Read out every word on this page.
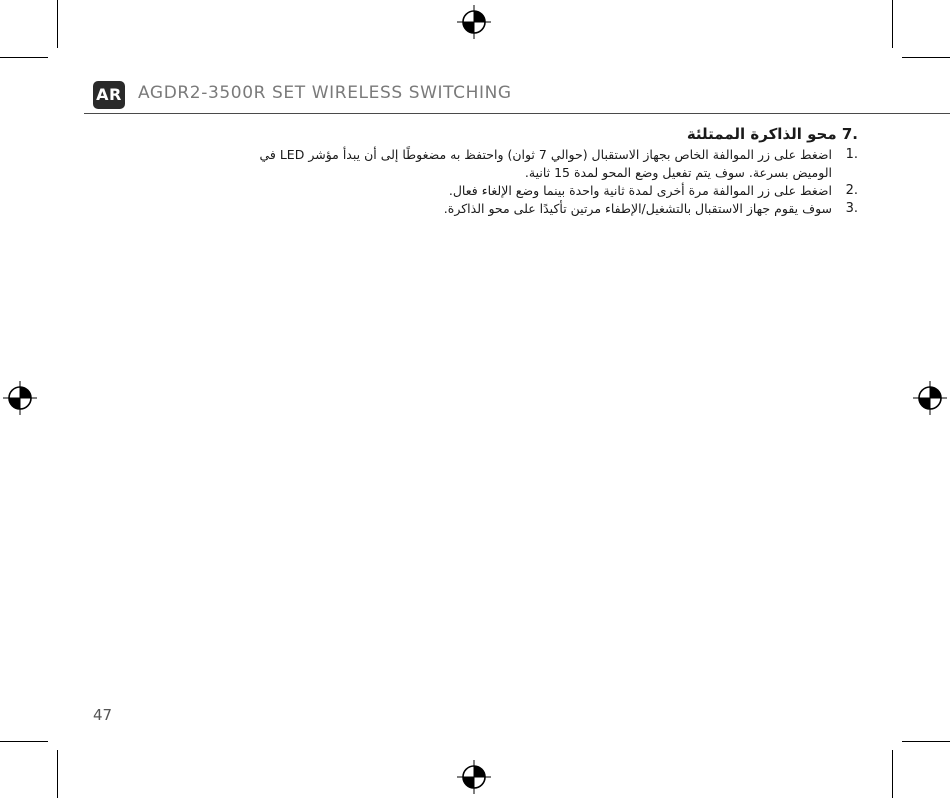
AR AGDR2-3500R SET WIRELESS SWITCHING
.7 محو الذاكرة الممتلئة
.1
اضغط على زر الموالفة الخاص بجهاز الاستقبال (حوالي 7 ثوان) واحتفظ به مضغوطًا إلى أن يبدأ مؤشر LED في الوميض بسرعة. سوف يتم تفعيل وضع المحو لمدة 15 ثانية.
.2
اضغط على زر الموالفة مرة أخرى لمدة ثانية واحدة بينما وضع الإلغاء فعال.
.3
سوف يقوم جهاز الاستقبال بالتشغيل/الإطفاء مرتين تأكيدًا على محو الذاكرة.
47
